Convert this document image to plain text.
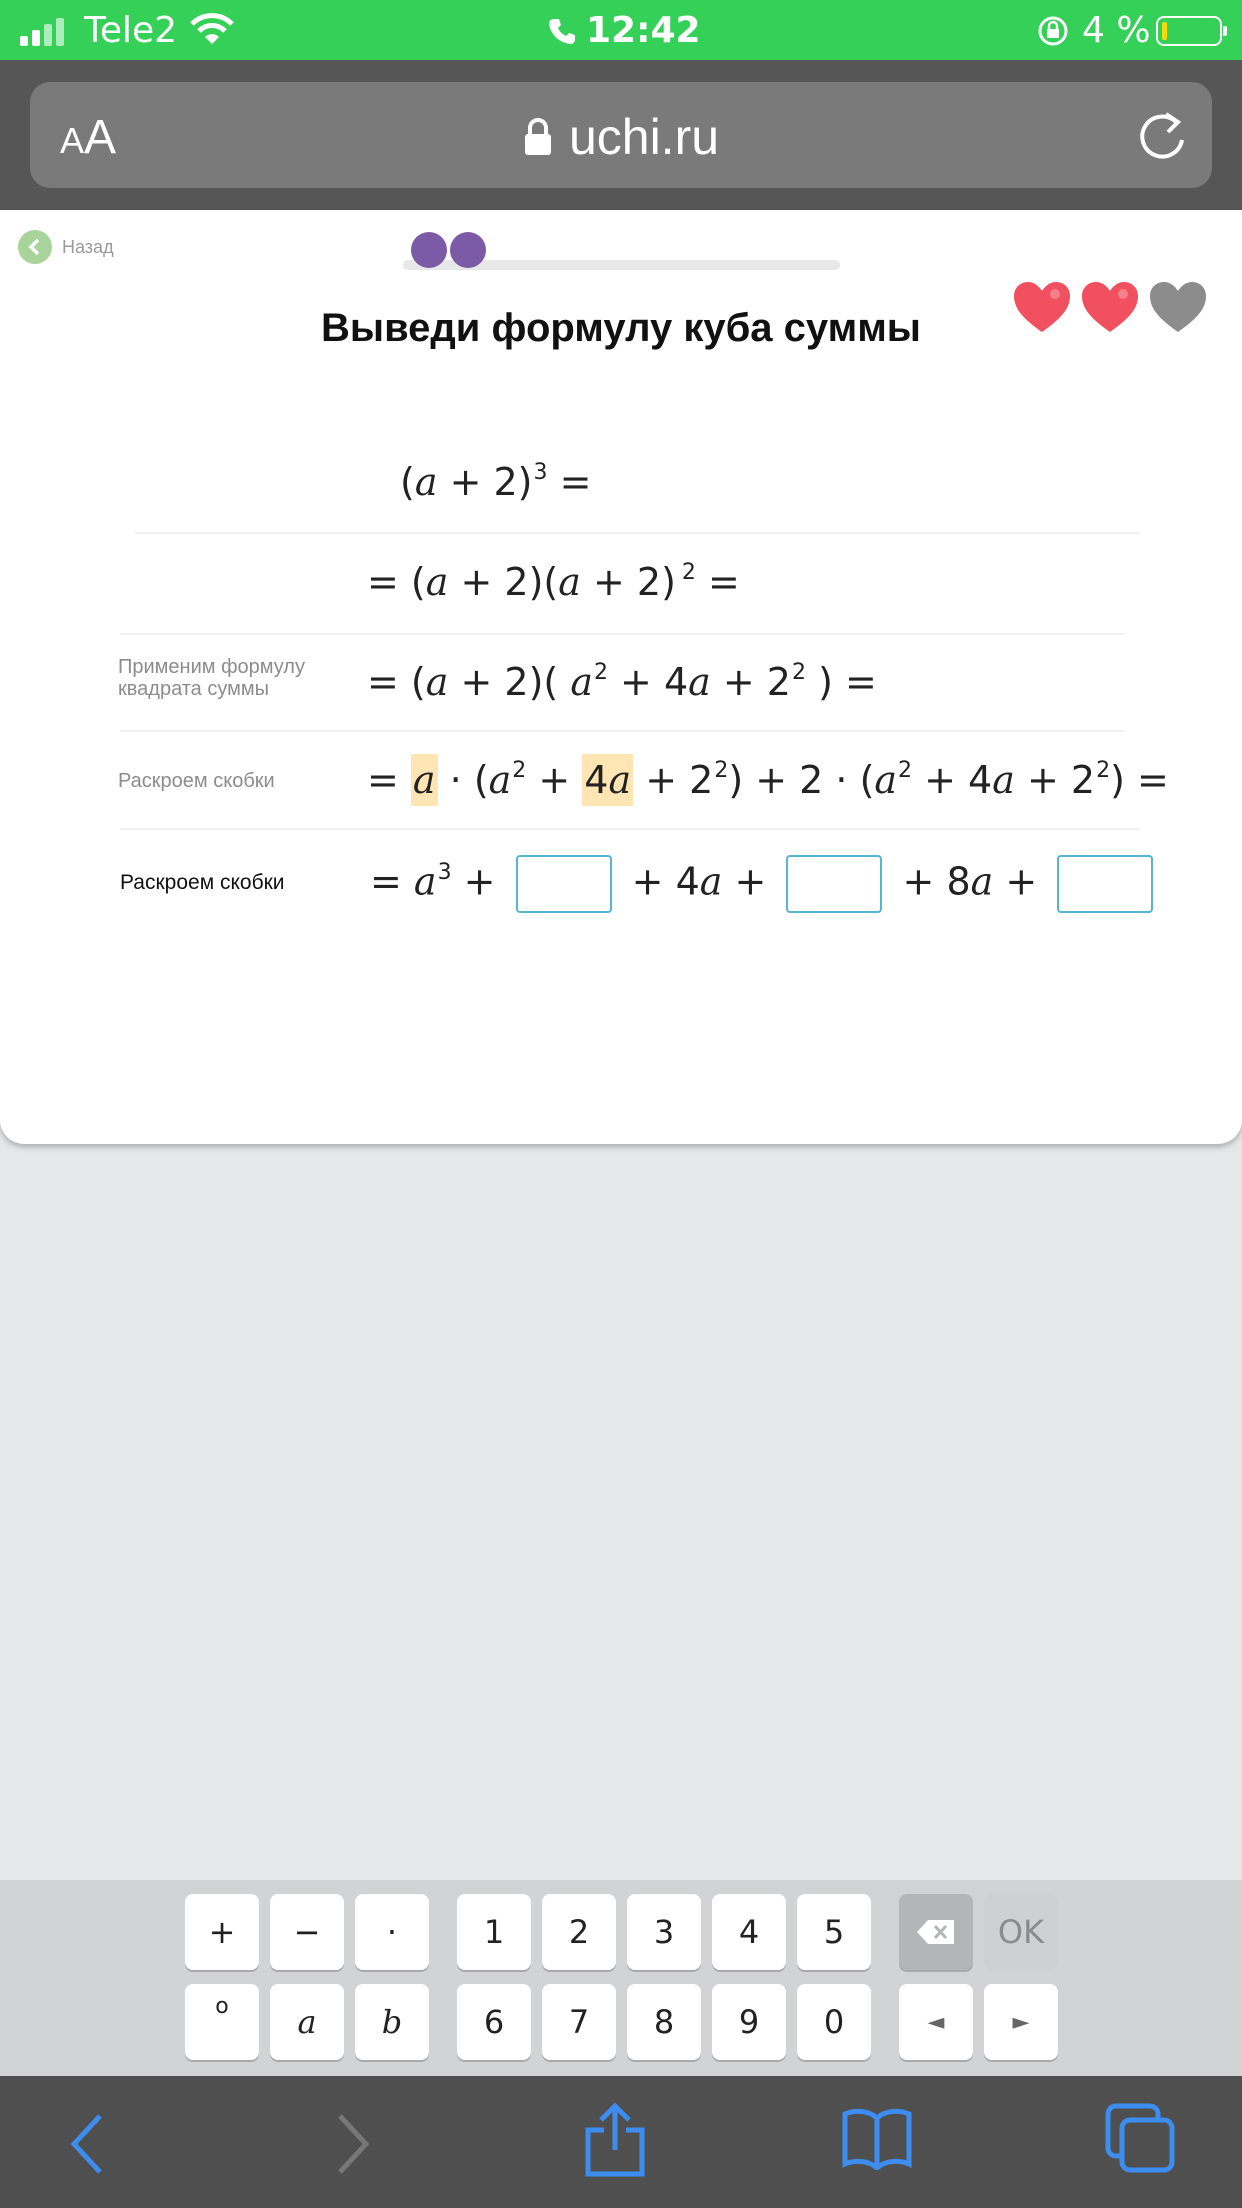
Tele2	12:42	4 %
AA	uchi.ru
Назад
Выведи формулу куба суммы
$(a + 2)^3$ =
= (a + 2)(a + 2) $^2$ =
Применим формулу квадрата суммы	= (a + 2)( $a^2 + 4a + 2^2$ ) =
Раскроем скобки = $a \cdot (a^2 + 4a + 2^2) + 2 \cdot (a^2 + 4a + 2^2)$ =
Раскроем скобки = $a^3$ +	+ 4a +	+ 8a +
+	−	·	1	2	3	4	5	OK
o	a	b	6	7	8	9	0	◄	►
